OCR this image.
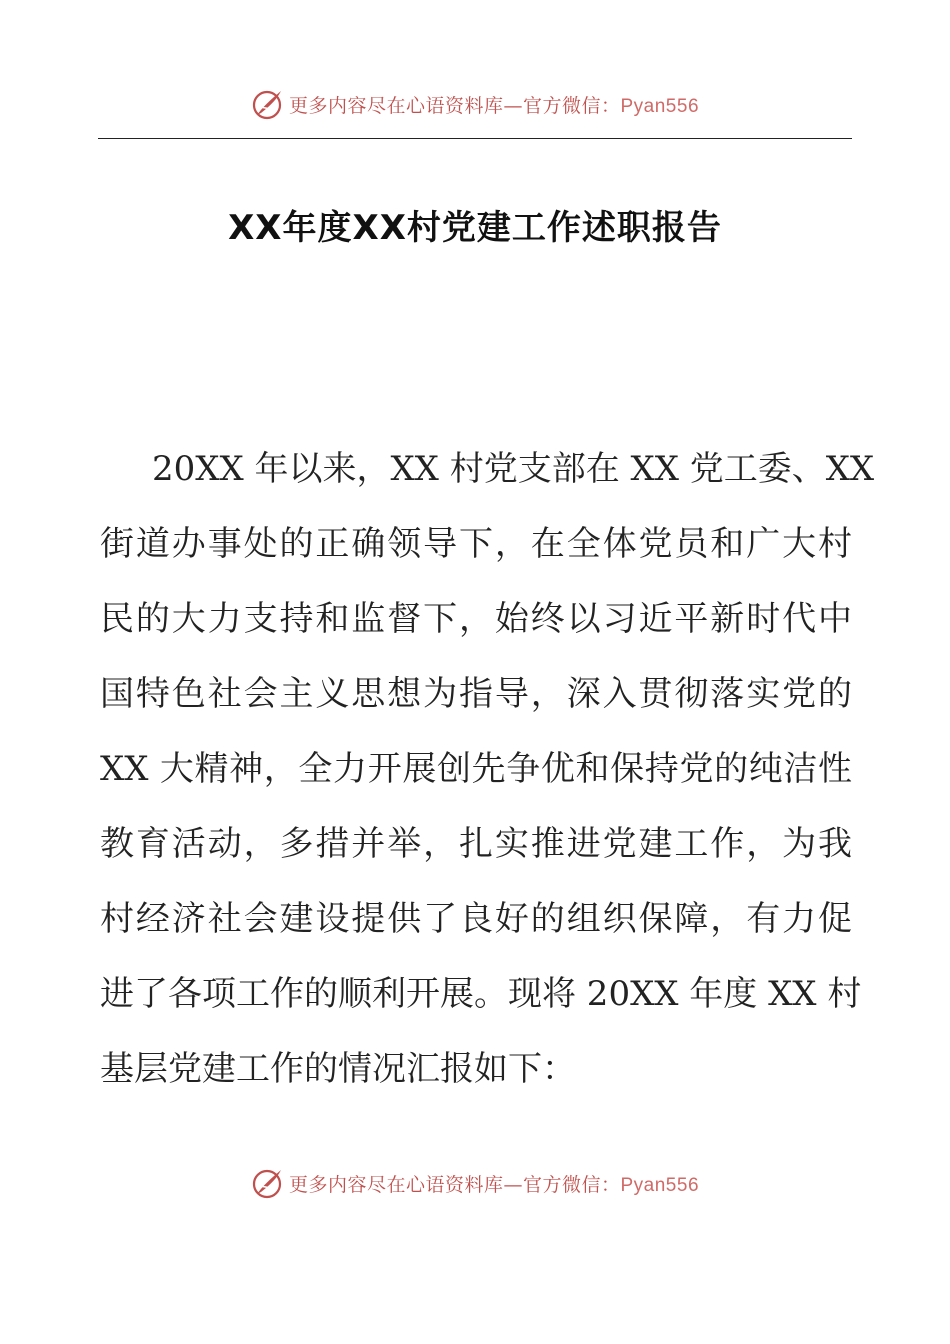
更多内容尽在心语资料库—官方微信：Pyan556
XX年度XX村党建工作述职报告
20XX 年以来，XX 村党支部在 XX 党工委、XX
街道办事处的正确领导下，在全体党员和广大村
民的大力支持和监督下，始终以习近平新时代中
国特色社会主义思想为指导，深入贯彻落实党的
XX 大精神，全力开展创先争优和保持党的纯洁性
教育活动，多措并举，扎实推进党建工作，为我
村经济社会建设提供了良好的组织保障，有力促
进了各项工作的顺利开展。现将 20XX 年度 XX 村
基层党建工作的情况汇报如下：
更多内容尽在心语资料库—官方微信：Pyan556
